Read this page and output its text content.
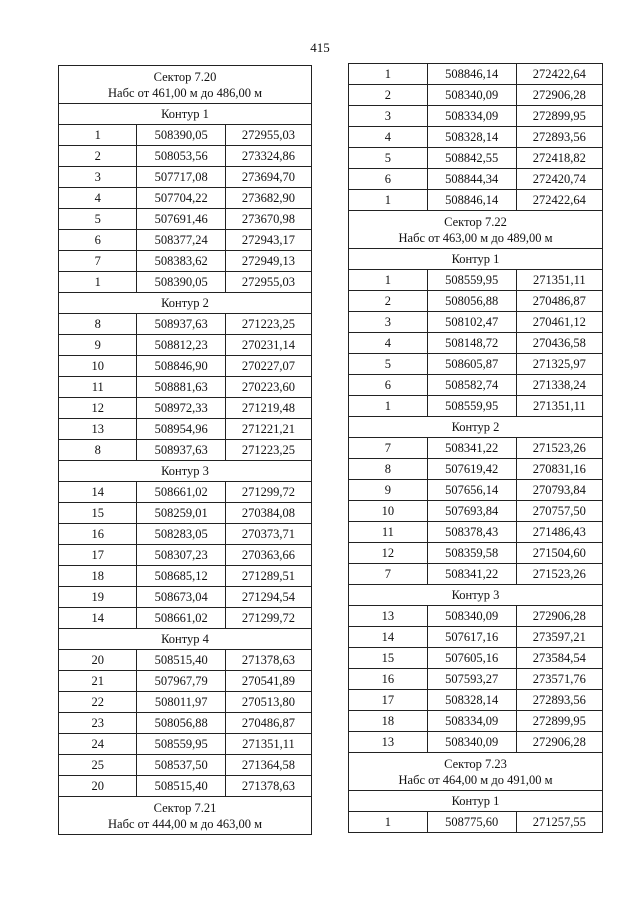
415
Сектор 7.20
Набс от 461,00 м до 486,00 м		

Контур 1		
1	508390,05	272955,03
2	508053,56	273324,86
3	507717,08	273694,70
4	507704,22	273682,90
5	507691,46	273670,98
6	508377,24	272943,17
7	508383,62	272949,13
1	508390,05	272955,03
Контур 2		
8	508937,63	271223,25
9	508812,23	270231,14
10	508846,90	270227,07
11	508881,63	270223,60
12	508972,33	271219,48
13	508954,96	271221,21
8	508937,63	271223,25
Контур 3		
14	508661,02	271299,72
15	508259,01	270384,08
16	508283,05	270373,71
17	508307,23	270363,66
18	508685,12	271289,51
19	508673,04	271294,54
14	508661,02	271299,72
Контур 4		
20	508515,40	271378,63
21	507967,79	270541,89
22	508011,97	270513,80
23	508056,88	270486,87
24	508559,95	271351,11
25	508537,50	271364,58
20	508515,40	271378,63

Сектор 7.21
Набс от 444,00 м до 463,00 м		
1	508846,14	272422,64
2	508340,09	272906,28
3	508334,09	272899,95
4	508328,14	272893,56
5	508842,55	272418,82
6	508844,34	272420,74
1	508846,14	272422,64

Сектор 7.22
Набс от 463,00 м до 489,00 м		

Контур 1		
1	508559,95	271351,11
2	508056,88	270486,87
3	508102,47	270461,12
4	508148,72	270436,58
5	508605,87	271325,97
6	508582,74	271338,24
1	508559,95	271351,11
Контур 2		
7	508341,22	271523,26
8	507619,42	270831,16
9	507656,14	270793,84
10	507693,84	270757,50
11	508378,43	271486,43
12	508359,58	271504,60
7	508341,22	271523,26
Контур 3		
13	508340,09	272906,28
14	507617,16	273597,21
15	507605,16	273584,54
16	507593,27	273571,76
17	508328,14	272893,56
18	508334,09	272899,95
13	508340,09	272906,28

Сектор 7.23
Набс от 464,00 м до 491,00 м		

Контур 1		
1	508775,60	271257,55
